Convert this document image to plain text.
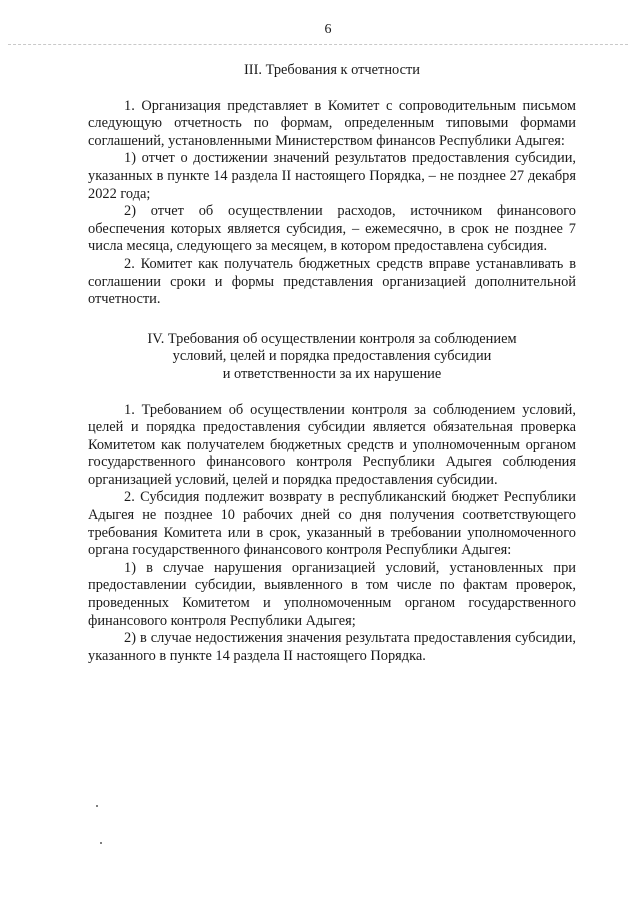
6
III. Требования к отчетности

1. Организация представляет в Комитет с сопроводительным письмом следующую отчетность по формам, определенным типовыми формами соглашений, установленными Министерством финансов Республики Адыгея:

1) отчет о достижении значений результатов предоставления субсидии, указанных в пункте 14 раздела II настоящего Порядка, – не позднее 27 декабря 2022 года;

2) отчет об осуществлении расходов, источником финансового обеспечения которых является субсидия, – ежемесячно, в срок не позднее 7 числа месяца, следующего за месяцем, в котором предоставлена субсидия.

2. Комитет как получатель бюджетных средств вправе устанавливать в соглашении сроки и формы представления организацией дополнительной отчетности.

IV. Требования об осуществлении контроля за соблюдением
условий, целей и порядка предоставления субсидии
и ответственности за их нарушение

1. Требованием об осуществлении контроля за соблюдением условий, целей и порядка предоставления субсидии является обязательная проверка Комитетом как получателем бюджетных средств и уполномоченным органом государственного финансового контроля Республики Адыгея соблюдения организацией условий, целей и порядка предоставления субсидии.

2. Субсидия подлежит возврату в республиканский бюджет Республики Адыгея не позднее 10 рабочих дней со дня получения соответствующего требования Комитета или в срок, указанный в требовании уполномоченного органа государственного финансового контроля Республики Адыгея:

1) в случае нарушения организацией условий, установленных при предоставлении субсидии, выявленного в том числе по фактам проверок, проведенных Комитетом и уполномоченным органом государственного финансового контроля Республики Адыгея;

2) в случае недостижения значения результата предоставления субсидии, указанного в пункте 14 раздела II настоящего Порядка.
